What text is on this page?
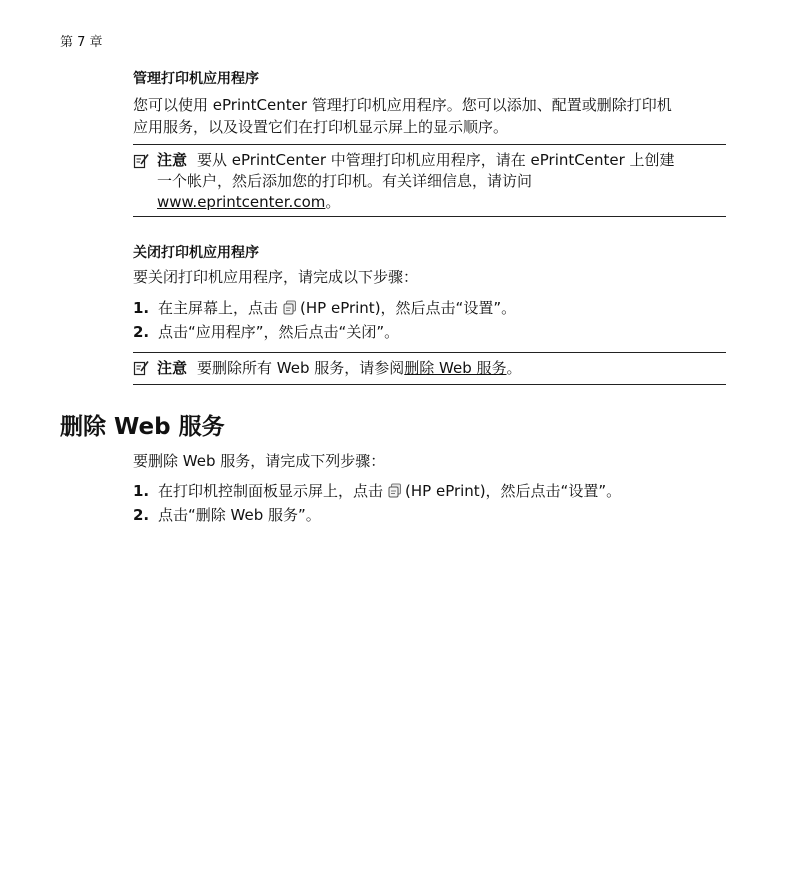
第 7 章
管理打印机应用程序
您可以使用 ePrintCenter 管理打印机应用程序。您可以添加、配置或删除打印机
应用服务，以及设置它们在打印机显示屏上的显示顺序。
注意 要从 ePrintCenter 中管理打印机应用程序，请在 ePrintCenter 上创建
一个帐户，然后添加您的打印机。有关详细信息，请访问
www.eprintcenter.com。
关闭打印机应用程序
要关闭打印机应用程序，请完成以下步骤：
1. 在主屏幕上，点击 (HP ePrint)，然后点击“设置”。
2. 点击“应用程序”，然后点击“关闭”。
注意 要删除所有 Web 服务，请参阅删除 Web 服务。
删除 Web 服务
要删除 Web 服务，请完成下列步骤：
1. 在打印机控制面板显示屏上，点击 (HP ePrint)，然后点击“设置”。
2. 点击“删除 Web 服务”。
